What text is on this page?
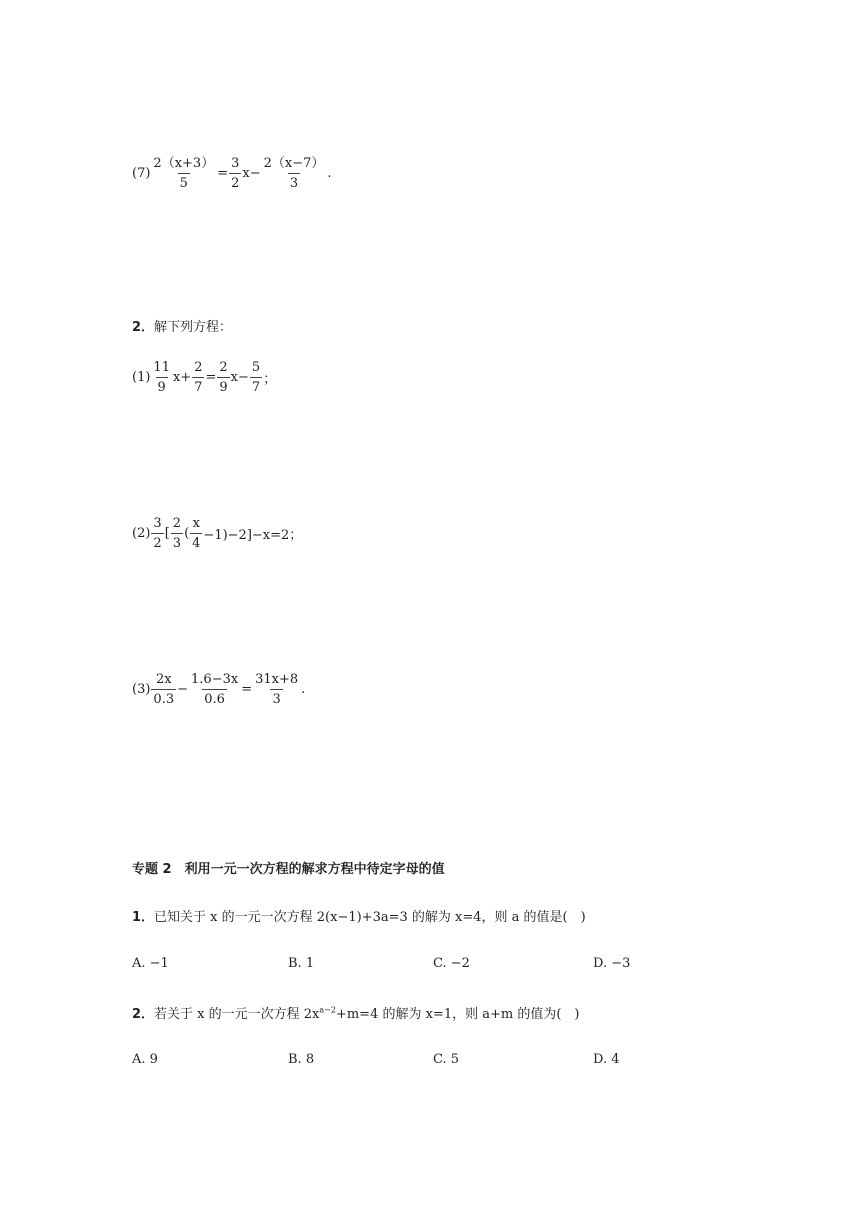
$(7) \frac{2(x+3)}{5} = \frac{3}{2} x- \frac{2(x-7)}{3}$ .
2．解下列方程：
$(1) \frac{11}{9} x+ \frac{2}{7} = \frac{2}{9} x- \frac{5}{7}$ ；
$(2) \frac{3}{2}$ [ $\frac{2}{3}$ ( $\frac{x}{4} -1)-2]-x=2$；
$(3) \frac{2x}{0.3} - \frac{1.6-3x}{0.6} = \frac{31x+8}{3}$ .
专题 2　利用一元一次方程的解求方程中待定字母的值
1．已知关于 x 的一元一次方程 2(x−1)+3a=3 的解为 x=4，则 a 的值是(　)
A. −1	B. 1	C. −2	D. −3
2．若关于 x 的一元一次方程 $2x^{a-2}+m=4$ 的解为 x=1，则 a+m 的值为(　)
A. 9	B. 8	C. 5	D. 4
